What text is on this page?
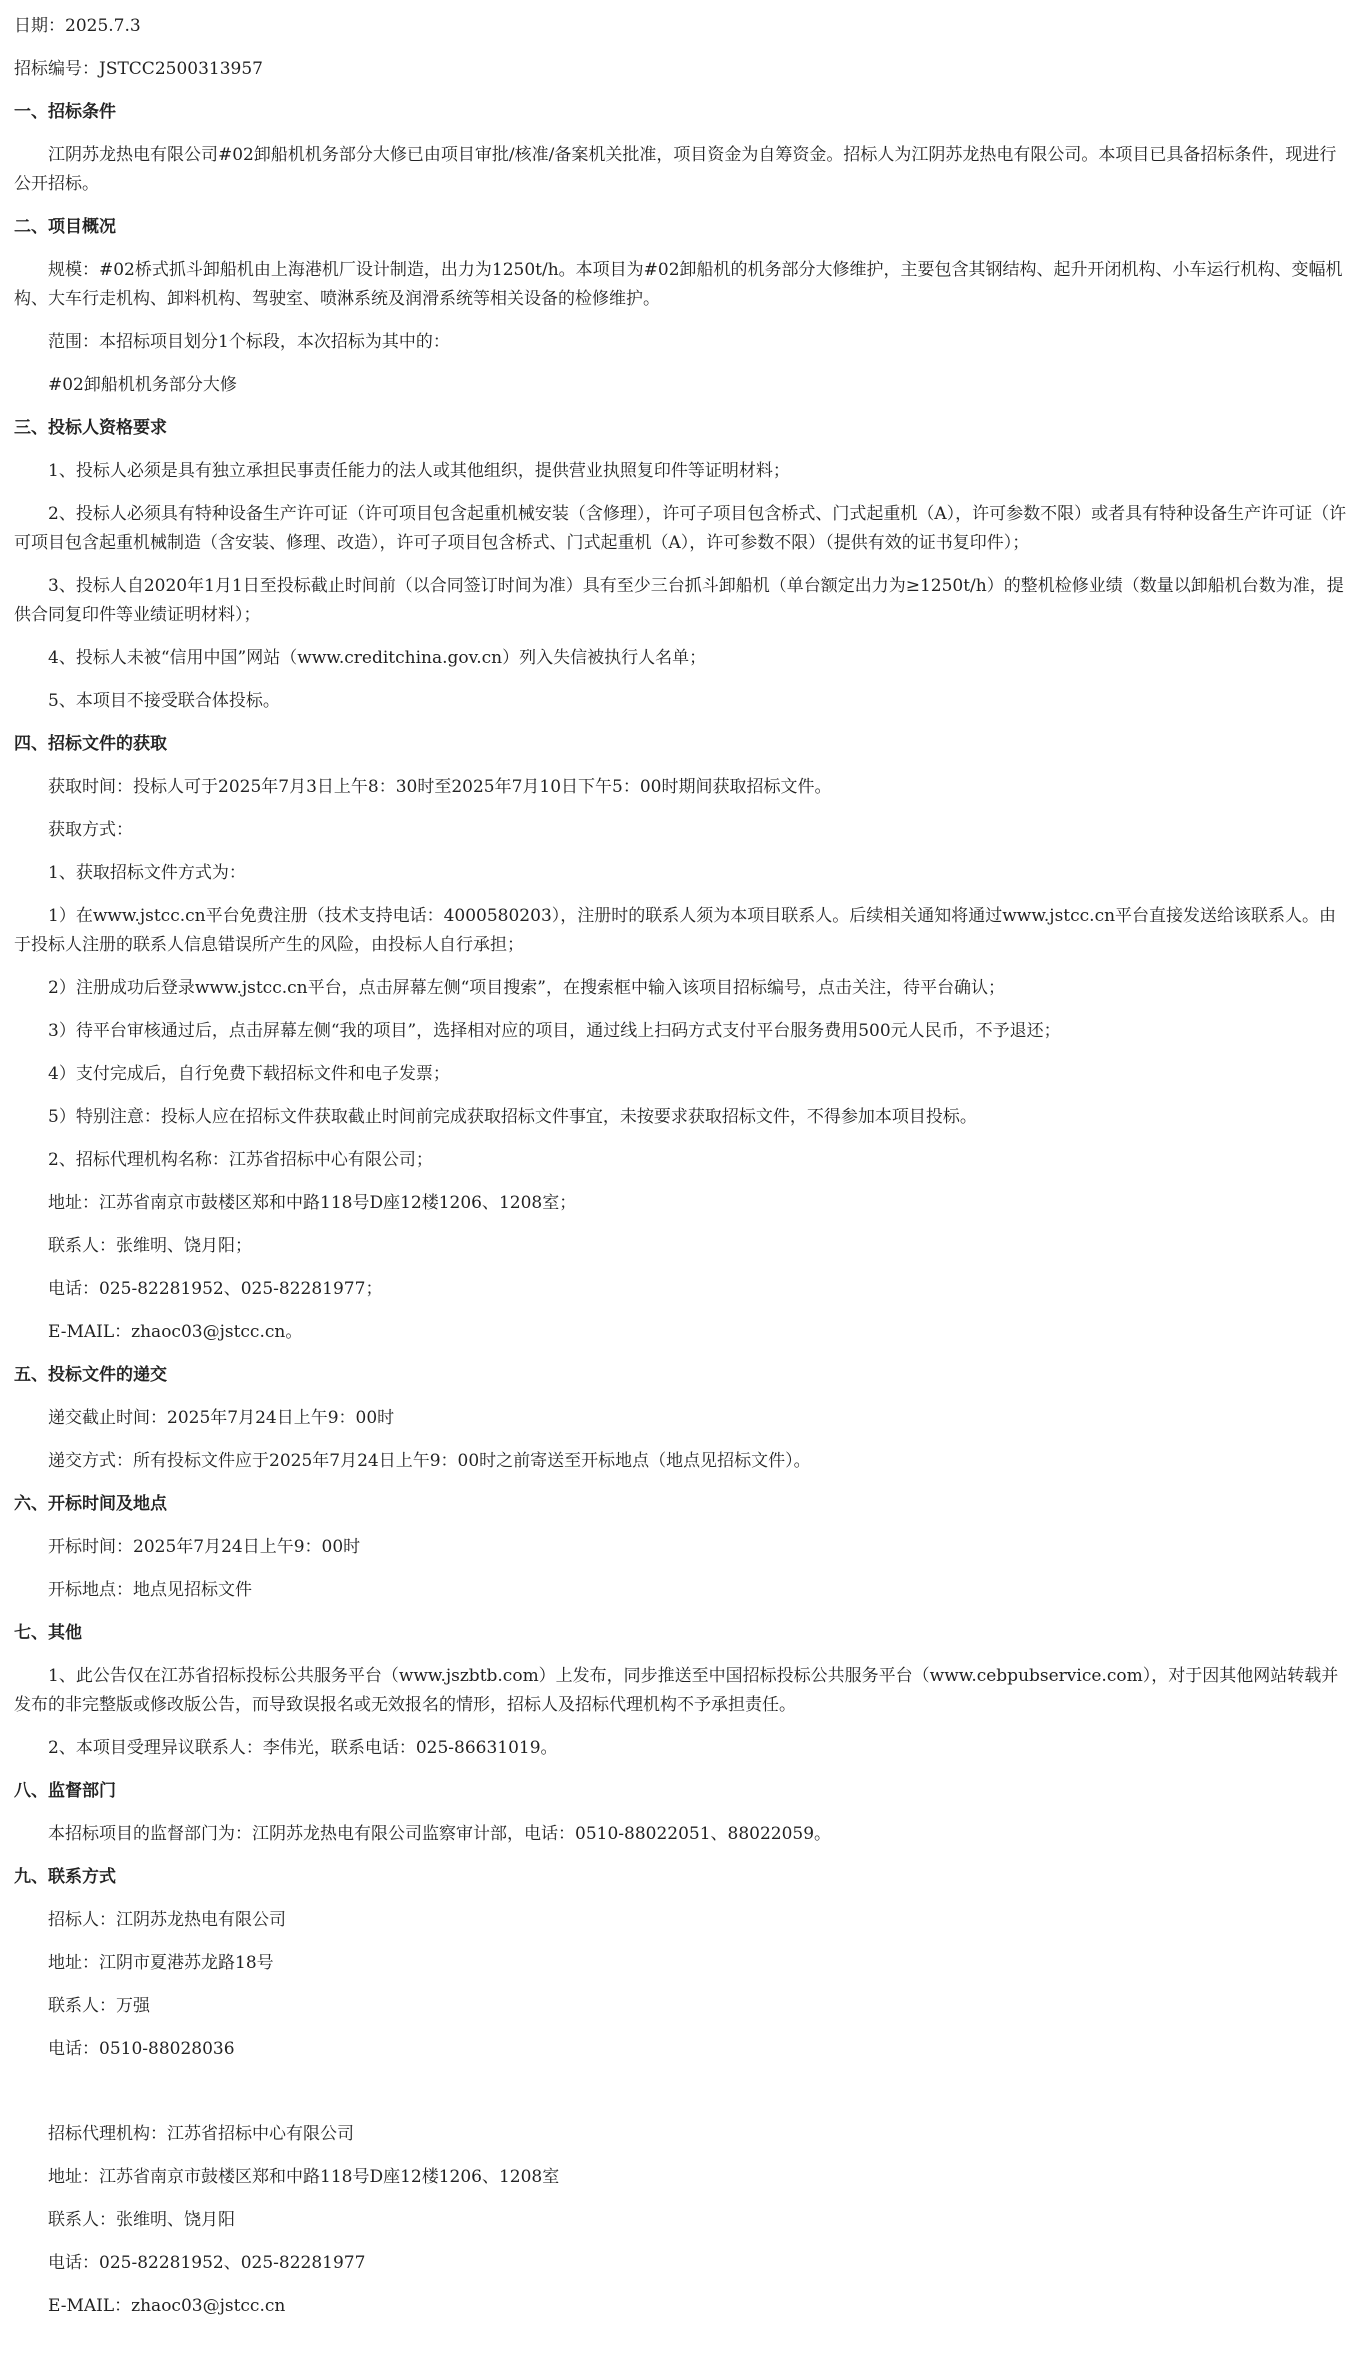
日期：2025.7.3
招标编号：JSTCC2500313957
一、招标条件
江阴苏龙热电有限公司#02卸船机机务部分大修已由项目审批/核准/备案机关批准，项目资金为自筹资金。招标人为江阴苏龙热电有限公司。本项目已具备招标条件，现进行公开招标。
二、项目概况
规模：#02桥式抓斗卸船机由上海港机厂设计制造，出力为1250t/h。本项目为#02卸船机的机务部分大修维护，主要包含其钢结构、起升开闭机构、小车运行机构、变幅机构、大车行走机构、卸料机构、驾驶室、喷淋系统及润滑系统等相关设备的检修维护。
范围：本招标项目划分1个标段，本次招标为其中的：
#02卸船机机务部分大修
三、投标人资格要求
1、投标人必须是具有独立承担民事责任能力的法人或其他组织，提供营业执照复印件等证明材料；
2、投标人必须具有特种设备生产许可证（许可项目包含起重机械安装（含修理），许可子项目包含桥式、门式起重机（A），许可参数不限）或者具有特种设备生产许可证（许可项目包含起重机械制造（含安装、修理、改造），许可子项目包含桥式、门式起重机（A），许可参数不限）（提供有效的证书复印件）；
3、投标人自2020年1月1日至投标截止时间前（以合同签订时间为准）具有至少三台抓斗卸船机（单台额定出力为≥1250t/h）的整机检修业绩（数量以卸船机台数为准，提供合同复印件等业绩证明材料）；
4、投标人未被“信用中国”网站（www.creditchina.gov.cn）列入失信被执行人名单；
5、本项目不接受联合体投标。
四、招标文件的获取
获取时间：投标人可于2025年7月3日上午8：30时至2025年7月10日下午5：00时期间获取招标文件。
获取方式：
1、获取招标文件方式为：
1）在www.jstcc.cn平台免费注册（技术支持电话：4000580203），注册时的联系人须为本项目联系人。后续相关通知将通过www.jstcc.cn平台直接发送给该联系人。由于投标人注册的联系人信息错误所产生的风险，由投标人自行承担；
2）注册成功后登录www.jstcc.cn平台，点击屏幕左侧“项目搜索”，在搜索框中输入该项目招标编号，点击关注，待平台确认；
3）待平台审核通过后，点击屏幕左侧“我的项目”，选择相对应的项目，通过线上扫码方式支付平台服务费用500元人民币，不予退还；
4）支付完成后，自行免费下载招标文件和电子发票；
5）特别注意：投标人应在招标文件获取截止时间前完成获取招标文件事宜，未按要求获取招标文件，不得参加本项目投标。
2、招标代理机构名称：江苏省招标中心有限公司；
地址：江苏省南京市鼓楼区郑和中路118号D座12楼1206、1208室；
联系人：张维明、饶月阳；
电话：025-82281952、025-82281977；
E-MAIL：zhaoc03@jstcc.cn。
五、投标文件的递交
递交截止时间：2025年7月24日上午9：00时
递交方式：所有投标文件应于2025年7月24日上午9：00时之前寄送至开标地点（地点见招标文件）。
六、开标时间及地点
开标时间：2025年7月24日上午9：00时
开标地点：地点见招标文件
七、其他
1、此公告仅在江苏省招标投标公共服务平台（www.jszbtb.com）上发布，同步推送至中国招标投标公共服务平台（www.cebpubservice.com），对于因其他网站转载并发布的非完整版或修改版公告，而导致误报名或无效报名的情形，招标人及招标代理机构不予承担责任。
2、本项目受理异议联系人：李伟光，联系电话：025-86631019。
八、监督部门
本招标项目的监督部门为：江阴苏龙热电有限公司监察审计部，电话：0510-88022051、88022059。
九、联系方式
招标人：江阴苏龙热电有限公司
地址：江阴市夏港苏龙路18号
联系人：万强
电话：0510-88028036
招标代理机构：江苏省招标中心有限公司
地址：江苏省南京市鼓楼区郑和中路118号D座12楼1206、1208室
联系人：张维明、饶月阳
电话：025-82281952、025-82281977
E-MAIL：zhaoc03@jstcc.cn
